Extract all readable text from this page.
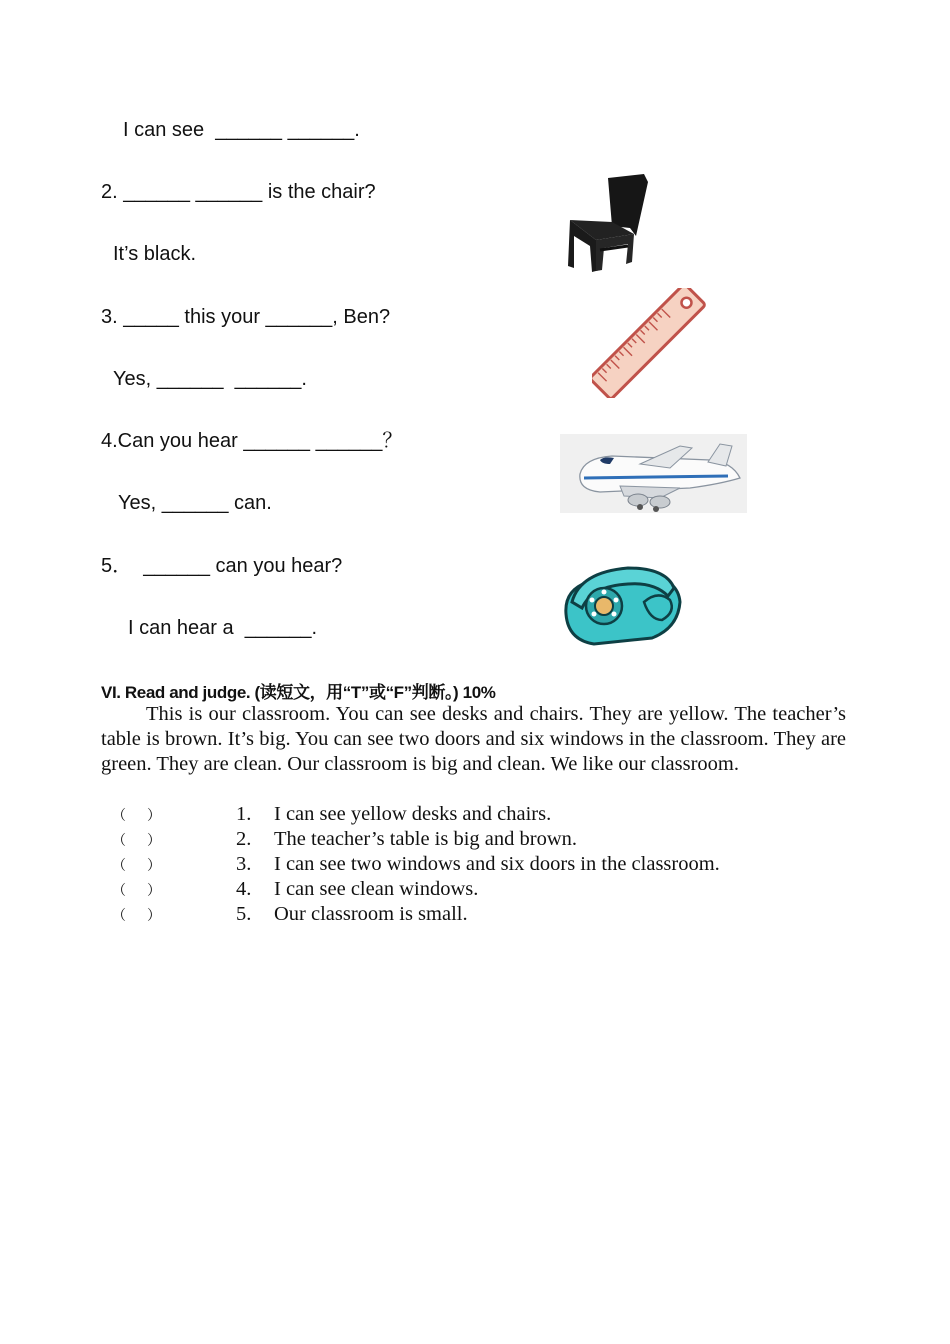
I can see  ______ ______.
2. ______ ______ is the chair?
It’s black.
3. _____ this your ______, Ben?
Yes, ______  ______.
4.Can you hear ______ ______？
Yes, ______ can.
5．  ______ can you hear?
I can hear a  ______.
VI. Read and judge. (读短文，用“T”或“F”判断。) 10%
This is our classroom. You can see desks and chairs. They are yellow. The teacher’s table is brown. It’s big. You can see two doors and six windows in the classroom. They are green. They are clean. Our classroom is big and clean. We like our classroom.
（      ）	1. I can see yellow desks and chairs.
（      ）	2. The teacher’s table is big and brown.
（      ）	3. I can see two windows and six doors in the classroom.
（      ）	4. I can see clean windows.
（      ）	5. Our classroom is small.
